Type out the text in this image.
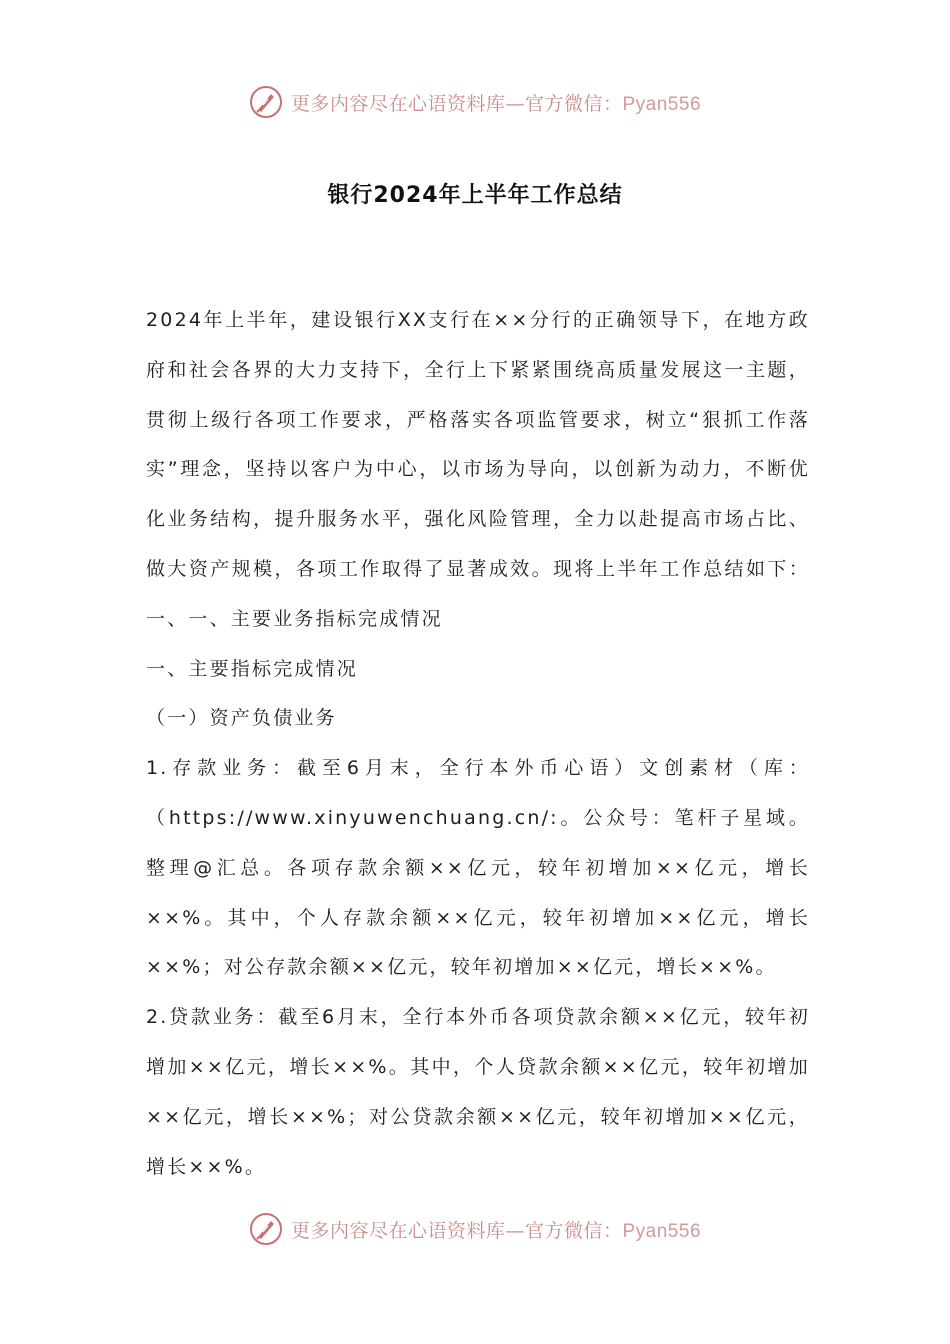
更多内容尽在心语资料库—官方微信：Pyan556
银行2024年上半年工作总结

2024年上半年，建设银行XX支行在××分行的正确领导下，在地方政府和社会各界的大力支持下，全行上下紧紧围绕高质量发展这一主题，贯彻上级行各项工作要求，严格落实各项监管要求，树立“狠抓工作落实”理念，坚持以客户为中心，以市场为导向，以创新为动力，不断优化业务结构，提升服务水平，强化风险管理，全力以赴提高市场占比、做大资产规模，各项工作取得了显著成效。现将上半年工作总结如下：一、一、主要业务指标完成情况

一、主要指标完成情况

（一）资产负债业务

1.存款业务：截至6月末，全行本外币心语）文创素材（库：（https://www.xinyuwenchuang.cn/:。公众号：笔杆子星域。整理@汇总。各项存款余额××亿元，较年初增加××亿元，增长××%。其中，个人存款余额××亿元，较年初增加××亿元，增长××%；对公存款余额××亿元，较年初增加××亿元，增长××%。

2.贷款业务：截至6月末，全行本外币各项贷款余额××亿元，较年初增加××亿元，增长××%。其中，个人贷款余额××亿元，较年初增加××亿元，增长××%；对公贷款余额××亿元，较年初增加××亿元，增长××%。

更多内容尽在心语资料库—官方微信：Pyan556
